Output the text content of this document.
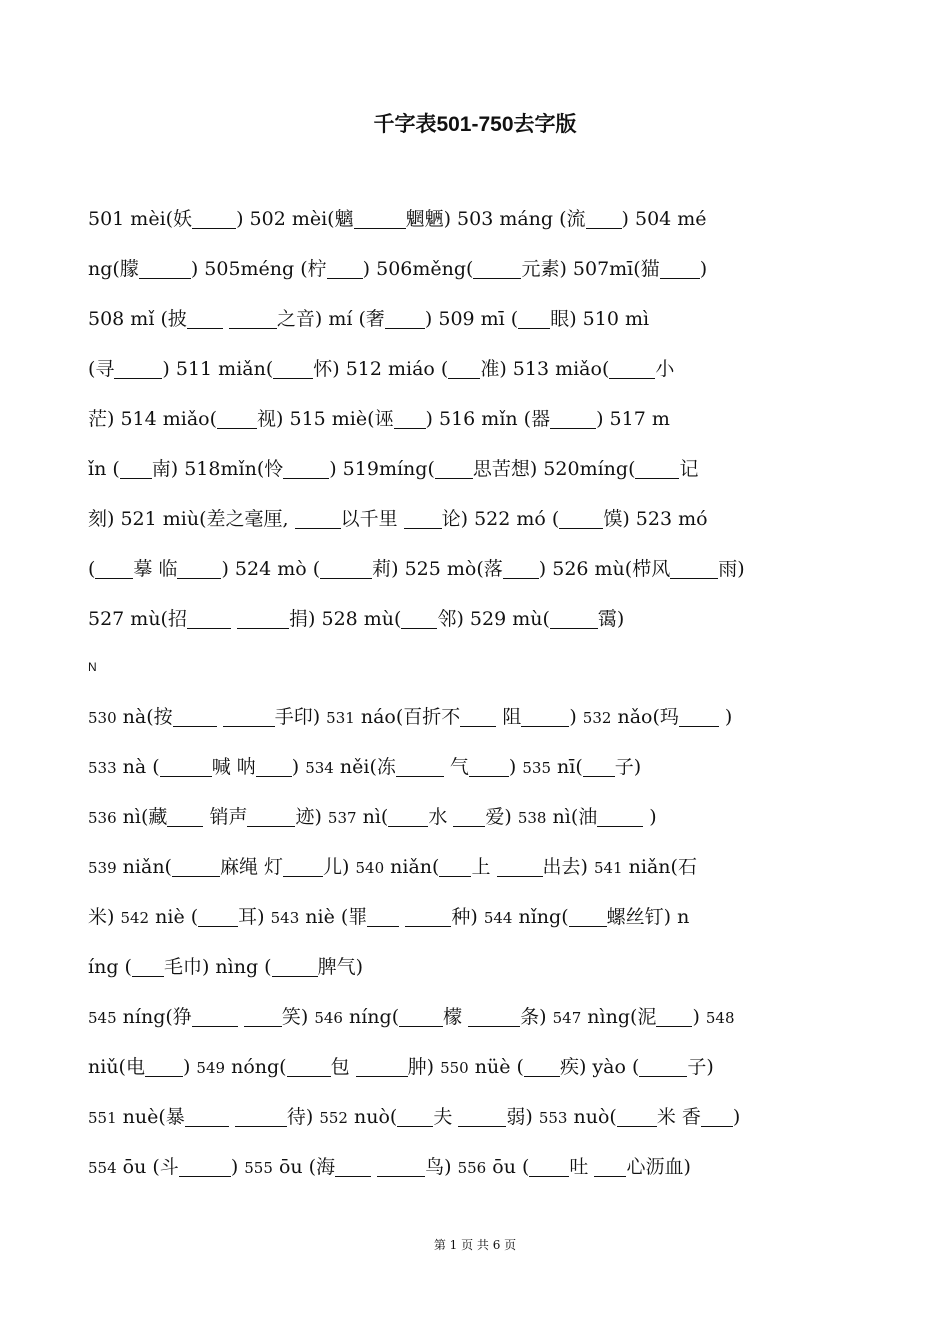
千字表501-750去字版
501 mèi(妖 ) 502 mèi(魑	魍魉) 503 máng (流 ) 504 mé
ng(朦	) 505méng (柠 ) 506měng(	元素) 507mī(猫 )
508 mǐ (披	之音) mí (奢 ) 509 mī ( 眼) 510 mì
(寻	) 511 miǎn( 怀) 512 miáo ( 准) 513 miǎo( 小
茫) 514 miǎo( 视) 515 miè(诬 ) 516 mǐn (器 ) 517 m
ǐn ( 南) 518mǐn(怜 ) 519míng( 思苦想) 520míng( 记
刻) 521 miù(差之毫厘, 以千里 论) 522 mó ( 馍) 523 mó
( 摹 临 ) 524 mò (	莉) 525 mò(落 ) 526 mù(栉风	雨)
527 mù(招	捐) 528 mù( 邻) 529 mù(	霭)
N
530 nà(按	手印) 531 náo(百折不 阻	) 532 nǎo(玛 )
533 nà (	喊 呐 ) 534 něi(冻	气 ) 535 nī( 子)
536 nì(藏 销声	迹) 537 nì( 水 爱) 538 nì(油 )
539 niǎn(	麻绳 灯 儿) 540 niǎn( 上 出去) 541 niǎn(石
米) 542 niè ( 耳) 543 niè (罪	种) 544 nǐng( 螺丝钉) n
íng ( 毛巾) nìng ( 脾气)
545 níng(狰	笑) 546 níng( 檬	条) 547 nìng(泥 ) 548
niǔ(电 ) 549 nóng( 包	肿) 550 nüè ( 疾) yào (	子)
551 nuè(暴	待) 552 nuò( 夫	弱) 553 nuò( 米 香 )
554 ōu (斗	) 555 ōu (海	鸟) 556 ōu ( 吐 心沥血)
第 1 页 共 6 页
